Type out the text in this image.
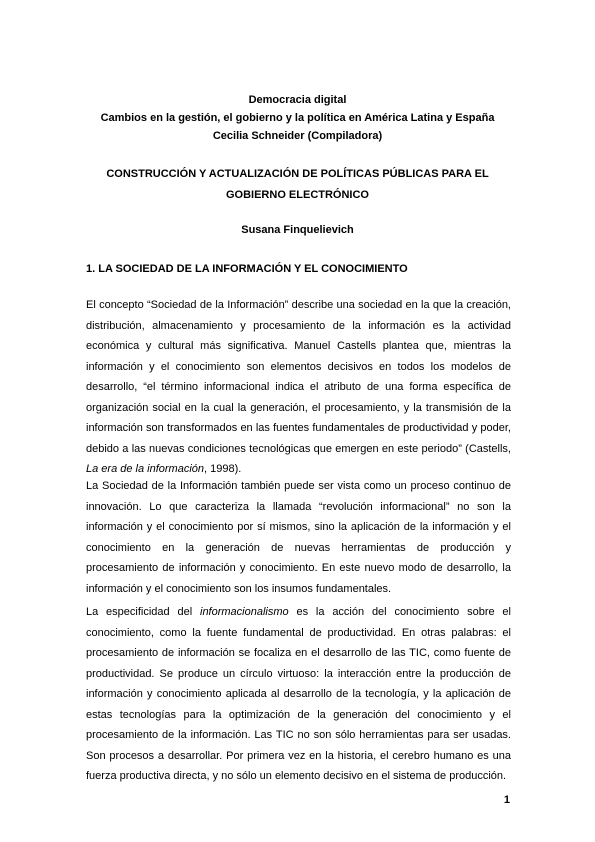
Democracia digital
Cambios en la gestión, el gobierno y la política en América Latina y España
Cecilia Schneider (Compiladora)
CONSTRUCCIÓN Y ACTUALIZACIÓN DE POLÍTICAS PÚBLICAS PARA EL
GOBIERNO ELECTRÓNICO
Susana Finquelievich
1. LA SOCIEDAD DE LA INFORMACIÓN Y EL CONOCIMIENTO
El concepto “Sociedad de la Información” describe una sociedad en la que la creación, distribución, almacenamiento y procesamiento de la información es la actividad económica y cultural más significativa. Manuel Castells plantea que, mientras la información y el conocimiento son elementos decisivos en todos los modelos de desarrollo, “el término informacional indica el atributo de una forma específica de organización social en la cual la generación, el procesamiento, y la transmisión de la información son transformados en las fuentes fundamentales de productividad y poder, debido a las nuevas condiciones tecnológicas que emergen en este periodo” (Castells, La era de la información, 1998).
La Sociedad de la Información también puede ser vista como un proceso continuo de innovación. Lo que caracteriza la llamada “revolución informacional” no son la información y el conocimiento por sí mismos, sino la aplicación de la información y el conocimiento en la generación de nuevas herramientas de producción y procesamiento de información y conocimiento. En este nuevo modo de desarrollo, la información y el conocimiento son los insumos fundamentales.
La especificidad del informacionalismo es la acción del conocimiento sobre el conocimiento, como la fuente fundamental de productividad. En otras palabras: el procesamiento de información se focaliza en el desarrollo de las TIC, como fuente de productividad. Se produce un círculo virtuoso: la interacción entre la producción de información y conocimiento aplicada al desarrollo de la tecnología, y la aplicación de estas tecnologías para la optimización de la generación del conocimiento y el procesamiento de la información. Las TIC no son sólo herramientas para ser usadas. Son procesos a desarrollar. Por primera vez en la historia, el cerebro humano es una fuerza productiva directa, y no sólo un elemento decisivo en el sistema de producción.
1
